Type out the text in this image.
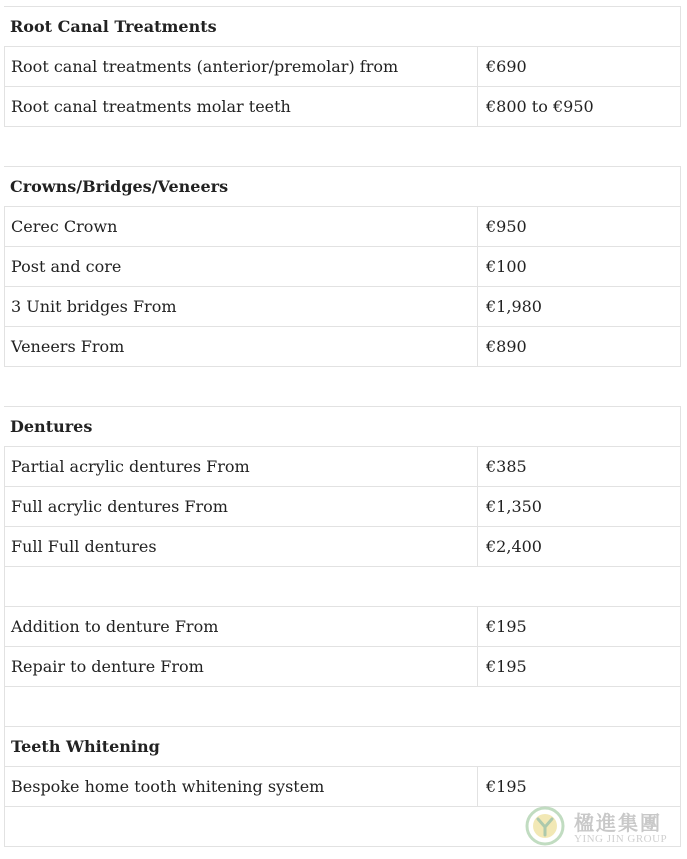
Root Canal Treatments
Root canal treatments (anterior/premolar) from	€690
Root canal treatments molar teeth	€800 to €950
Crowns/Bridges/Veneers
Cerec Crown	€950
Post and core	€100
3 Unit bridges From	€1,980
Veneers From	€890
Dentures
Partial acrylic dentures From	€385
Full acrylic dentures From	€1,350
Full Full dentures	€2,400
Addition to denture From	€195
Repair to denture From	€195
Teeth Whitening
Bespoke home tooth whitening system	€195
楹進集團
YING JIN GROUP
